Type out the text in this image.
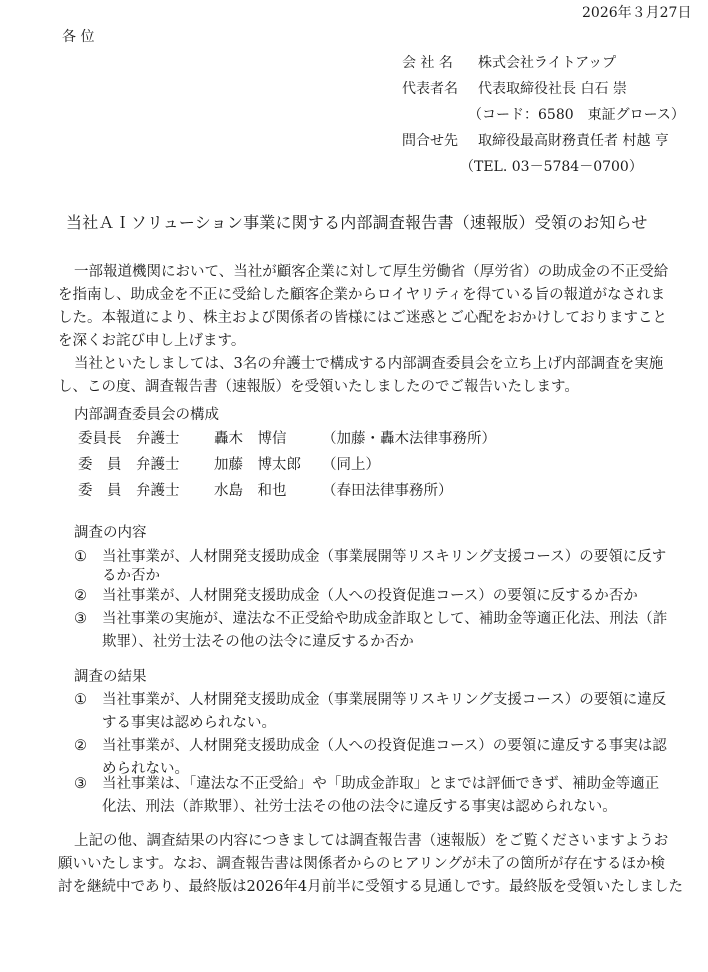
2026年３月27日
各 位
会 社 名 株式会社ライトアップ
代表者名 代表取締役社長 白石 崇
（コード：6580　東証グロース）
問合せ先 取締役最高財務責任者 村越 亨
（TEL. 03－5784－0700）
当社ＡＩソリューション事業に関する内部調査報告書（速報版）受領のお知らせ
一部報道機関において、当社が顧客企業に対して厚生労働省（厚労省）の助成金の不正受給
を指南し、助成金を不正に受給した顧客企業からロイヤリティを得ている旨の報道がなされま
した。本報道により、株主および関係者の皆様にはご迷惑とご心配をおかけしておりますこと
を深くお詫び申し上げます。
当社といたしましては、3名の弁護士で構成する内部調査委員会を立ち上げ内部調査を実施
し、この度、調査報告書（速報版）を受領いたしましたのでご報告いたします。
内部調査委員会の構成
委員長 弁護士 轟木　博信 （加藤・轟木法律事務所）
委　員 弁護士 加藤　博太郎 （同上）
委　員 弁護士 水島　和也 （春田法律事務所）
調査の内容
① 当社事業が、人材開発支援助成金（事業展開等リスキリング支援コース）の要領に反す
るか否か
② 当社事業が、人材開発支援助成金（人への投資促進コース）の要領に反するか否か
③ 当社事業の実施が、違法な不正受給や助成金詐取として、補助金等適正化法、刑法（詐
欺罪）、社労士法その他の法令に違反するか否か
調査の結果
① 当社事業が、人材開発支援助成金（事業展開等リスキリング支援コース）の要領に違反
する事実は認められない。
② 当社事業が、人材開発支援助成金（人への投資促進コース）の要領に違反する事実は認
められない。
③ 当社事業は、「違法な不正受給」や「助成金詐取」とまでは評価できず、補助金等適正
化法、刑法（詐欺罪）、社労士法その他の法令に違反する事実は認められない。
上記の他、調査結果の内容につきましては調査報告書（速報版）をご覧くださいますようお
願いいたします。なお、調査報告書は関係者からのヒアリングが未了の箇所が存在するほか検
討を継続中であり、最終版は2026年4月前半に受領する見通しです。最終版を受領いたしました
